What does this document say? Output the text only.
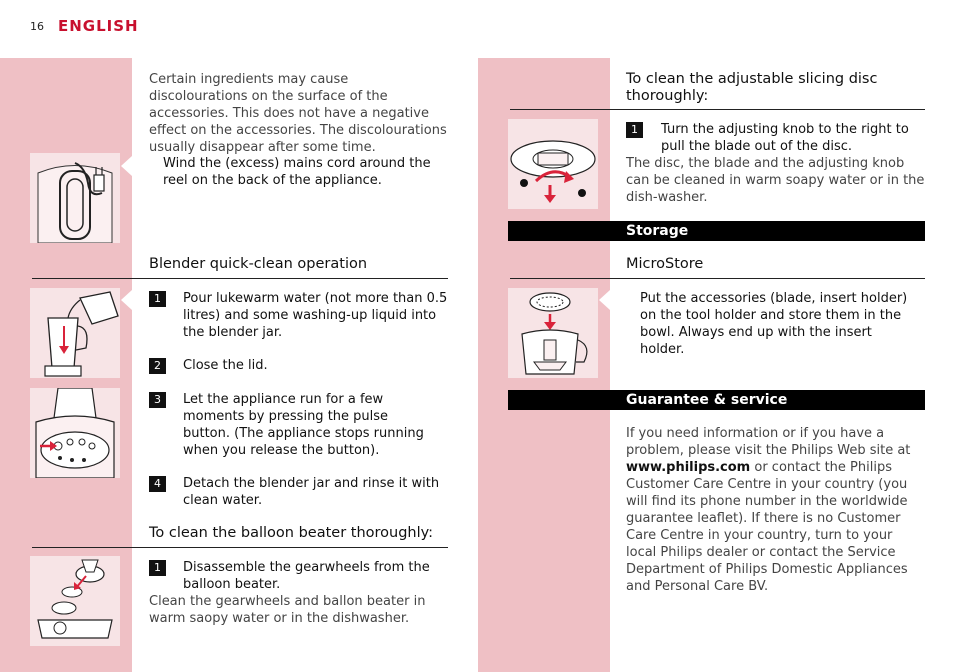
16 ENGLISH
Certain ingredients may cause discolourations on the surface of the accessories. This does not have a negative effect on the accessories. The discolourations usually disappear after some time.
Wind the (excess) mains cord around the reel on the back of the appliance.
Blender quick-clean operation
1	Pour lukewarm water (not more than 0.5 litres) and some washing-up liquid into the blender jar.
2	Close the lid.
3	Let the appliance run for a few moments by pressing the pulse button. (The appliance stops running when you release the button).
4	Detach the blender jar and rinse it with clean water.
To clean the balloon beater thoroughly:
1	Disassemble the gearwheels from the balloon beater.
Clean the gearwheels and ballon beater in warm saopy water or in the dishwasher.
To clean the adjustable slicing disc thoroughly:
1	Turn the adjusting knob to the right to pull the blade out of the disc.
The disc, the blade and the adjusting knob can be cleaned in warm soapy water or in the dish-washer.
Storage
MicroStore
Put the accessories (blade, insert holder) on the tool holder and store them in the bowl. Always end up with the insert holder.
Guarantee & service
If you need information or if you have a problem, please visit the Philips Web site at www.philips.com or contact the Philips Customer Care Centre in your country (you will find its phone number in the worldwide guarantee leaflet). If there is no Customer Care Centre in your country, turn to your local Philips dealer or contact the Service Department of Philips Domestic Appliances and Personal Care BV.
